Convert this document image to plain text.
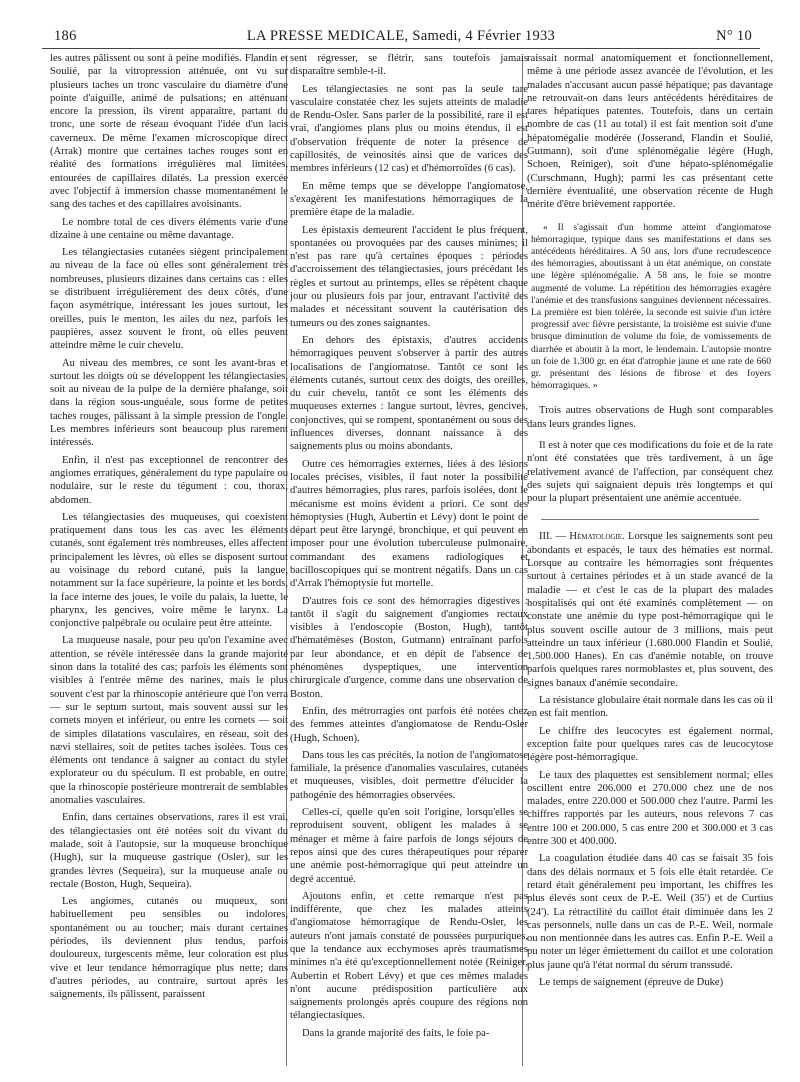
186	LA PRESSE MEDICALE, Samedi, 4 Février 1933	N° 10

les autres pâlissent ou sont à peine modifiés. Flandin et Soulié, par la vitropression atténuée, ont vu sur plusieurs taches un tronc vasculaire du diamètre d'une pointe d'aiguille, animé de pulsations; en atténuant encore la pression, ils virent apparaître, partant du tronc, une sorte de réseau évoquant l'idée d'un lacis caverneux. De même l'examen microscopique direct (Arrak) montre que certaines taches rouges sont en réalité des formations irrégulières mal limitées, entourées de capillaires dilatés. La pression exercée avec l'objectif à immersion chasse momentanément le sang des taches et des capillaires avoisinants.

Le nombre total de ces divers éléments varie d'une dizaine à une centaine ou même davantage.

Les télangiectasies cutanées siègent principalement au niveau de la face où elles sont généralement très nombreuses, plusieurs dizaines dans certains cas : elles se distribuent irrégulièrement des deux côtés, d'une façon asymétrique, intéressant les joues surtout, les oreilles, puis le menton, les ailes du nez, parfois les paupières, assez souvent le front, où elles peuvent atteindre même le cuir chevelu.

Au niveau des membres, ce sont les avant-bras et surtout les doigts où se développent les télangiectasies, soit au niveau de la pulpe de la dernière phalange, soit dans la région sous-unguéale, sous forme de petites taches rouges, pâlissant à la simple pression de l'ongle. Les membres inférieurs sont beaucoup plus rarement intéressés.

Enfin, il n'est pas exceptionnel de rencontrer des angiomes erratiques, généralement du type papulaire ou nodulaire, sur le reste du tégument : cou, thorax, abdomen.

Les télangiectasies des muqueuses, qui coexistent pratiquement dans tous les cas avec les éléments cutanés, sont également très nombreuses, elles affectent principalement les lèvres, où elles se disposent surtout au voisinage du rebord cutané, puis la langue, notamment sur la face supérieure, la pointe et les bords, la face interne des joues, le voile du palais, la luette, le pharynx, les gencives, voire même le larynx. La conjonctive palpébrale ou oculaire peut être atteinte.

La muqueuse nasale, pour peu qu'on l'examine avec attention, se révèle intéressée dans la grande majorité sinon dans la totalité des cas; parfois les éléments sont visibles à l'entrée même des narines, mais le plus souvent c'est par la rhinoscopie antérieure que l'on verra — sur le septum surtout, mais souvent aussi sur les cornets moyen et inférieur, ou entre les cornets — soit de simples dilatations vasculaires, en réseau, soit des nævi stellaires, soit de petites taches isolées. Tous ces éléments ont tendance à saigner au contact du stylet explorateur ou du spéculum. Il est probable, en outre, que la rhinoscopie postérieure montrerait de semblables anomalies vasculaires.

Enfin, dans certaines observations, rares il est vrai, des télangiectasies ont été notées soit du vivant du malade, soit à l'autopsie, sur la muqueuse bronchique (Hugh), sur la muqueuse gastrique (Osler), sur les grandes lèvres (Sequeira), sur la muqueuse anale ou rectale (Boston, Hugh, Sequeira).

Les angiomes, cutanés ou muqueux, sont habituellement peu sensibles ou indolores, spontanément ou au toucher; mais durant certaines périodes, ils deviennent plus tendus, parfois douloureux, turgescents même, leur coloration est plus vive et leur tendance hémorragique plus nette; dans d'autres périodes, au contraire, surtout après les saignements, ils pâlissent, paraissent

sent régresser, se flétrir, sans toutefois jamais disparaître semble-t-il.

Les télangiectasies ne sont pas la seule tare vasculaire constatée chez les sujets atteints de maladie de Rendu-Osler. Sans parler de la possibilité, rare il est vrai, d'angiomes plans plus ou moins étendus, il est d'observation fréquente de noter la présence de capillosités, de veinosités ainsi que de varices des membres inférieurs (12 cas) et d'hémorroïdes (6 cas).

En même temps que se développe l'angiomatose, s'exagèrent les manifestations hémorragiques de la première étape de la maladie.

Les épistaxis demeurent l'accident le plus fréquent, spontanées ou provoquées par des causes minimes; il n'est pas rare qu'à certaines époques : périodes d'accroissement des télangiectasies, jours précédant les règles et surtout au printemps, elles se répètent chaque jour ou plusieurs fois par jour, entravant l'activité des malades et nécessitant souvent la cautérisation des tumeurs ou des zones saignantes.

En dehors des épistaxis, d'autres accidents hémorragiques peuvent s'observer à partir des autres localisations de l'angiomatose. Tantôt ce sont les éléments cutanés, surtout ceux des doigts, des oreilles, du cuir chevelu, tantôt ce sont les éléments des muqueuses externes : langue surtout, lèvres, gencives, conjonctives, qui se rompent, spontanément ou sous des influences diverses, donnant naissance à des saignements plus ou moins abondants.

Outre ces hémorragies externes, liées à des lésions locales précises, visibles, il faut noter la possibilité d'autres hémorragies, plus rares, parfois isolées, dont le mécanisme est moins évident a priori. Ce sont des hémoptysies (Hugh, Aubertin et Lévy) dont le point de départ peut être laryngé, bronchique, et qui peuvent en imposer pour une évolution tuberculeuse pulmonaire, commandant des examens radiologiques et bacilloscopiques qui se montrent négatifs. Dans un cas d'Arrak l'hémoptysie fut mortelle.

D'autres fois ce sont des hémorragies digestives : tantôt il s'agit du saignement d'angiomes rectaux visibles à l'endoscopie (Boston, Hugh), tantôt d'hématémèses (Boston, Gutmann) entraînant parfois par leur abondance, et en dépit de l'absence de phénomènes dyspeptiques, une intervention chirurgicale d'urgence, comme dans une observation de Boston.

Enfin, des métrorragies ont parfois été notées chez des femmes atteintes d'angiomatose de Rendu-Osler (Hugh, Schoen).

Dans tous les cas précités, la notion de l'angiomatose familiale, la présence d'anomalies vasculaires, cutanées et muqueuses, visibles, doit permettre d'élucider la pathogénie des hémorragies observées.

Celles-ci, quelle qu'en soit l'origine, lorsqu'elles se reproduisent souvent, obligent les malades à se ménager et même à faire parfois de longs séjours de repos ainsi que des cures thérapeutiques pour réparer une anémie post-hémorragique qui peut atteindre un degré accentué.

Ajoutons enfin, et cette remarque n'est pas indifférente, que chez les malades atteints d'angiomatose hémorragique de Rendu-Osler, les auteurs n'ont jamais constaté de poussées purpuriques, que la tendance aux ecchymoses après traumatismes minimes n'a été qu'exceptionnellement notée (Reiniger, Aubertin et Robert Lévy) et que ces mêmes malades n'ont aucune prédisposition particulière aux saignements prolongés après coupure des régions non télangiectasiques.

Dans la grande majorité des faits, le foie pa-

raissait normal anatomiquement et fonctionnellement, même à une période assez avancée de l'évolution, et les malades n'accusant aucun passé hépatique; pas davantage ne retrouvait-on dans leurs antécédents héréditaires de tares hépatiques patentes. Toutefois, dans un certain nombre de cas (11 au total) il est fait mention soit d'une hépatomégalie modérée (Josserand, Flandin et Soulié, Gutmann), soit d'une splénomégalie légère (Hugh, Schoen, Reiniger), soit d'une hépato-splénomégalie (Curschmann, Hugh); parmi les cas présentant cette dernière éventualité, une observation récente de Hugh mérite d'être brièvement rapportée.

« Il s'agissait d'un homme atteint d'angiomatose hémorragique, typique dans ses manifestations et dans ses antécédents héréditaires. A 50 ans, lors d'une recrudescence des hémorragies, aboutissant à un état anémique, on constate une légère splénomégalie. A 58 ans, le foie se montre augmenté de volume. La répétition des hémorragies exagère l'anémie et des transfusions sanguines deviennent nécessaires. La première est bien tolérée, la seconde est suivie d'un ictère progressif avec fièvre persistante, la troisième est suivie d'une brusque diminution de volume du foie, de vomissements de diarrhée et aboutit à la mort, le lendemain. L'autopsie montre un foie de 1.300 gr. en état d'atrophie jaune et une rate de 660 gr. présentant des lésions de fibrose et des foyers hémorragiques. »

Trois autres observations de Hugh sont comparables dans leurs grandes lignes.

Il est à noter que ces modifications du foie et de la rate n'ont été constatées que très tardivement, à un âge relativement avancé de l'affection, par conséquent chez des sujets qui saignaient depuis très longtemps et qui pour la plupart présentaient une anémie accentuée.

III. — Hématologie. Lorsque les saignements sont peu abondants et espacés, le taux des hématies est normal. Lorsque au contraire les hémorragies sont fréquentes surtout à certaines périodes et à un stade avancé de la maladie — et c'est le cas de la plupart des malades hospitalisés qui ont été examinés complètement — on constate une anémie du type post-hémorragique qui le plus souvent oscille autour de 3 millions, mais peut atteindre un taux inférieur (1.680.000 Flandin et Soulié, 1.500.000 Hanes). En cas d'anémie notable, on trouve parfois quelques rares normoblastes et, plus souvent, des signes banaux d'anémie secondaire.

La résistance globulaire était normale dans les cas où il en est fait mention.

Le chiffre des leucocytes est également normal, exception faite pour quelques rares cas de leucocytose légère post-hémorragique.

Le taux des plaquettes est sensiblement normal; elles oscillent entre 206.000 et 270.000 chez une de nos malades, entre 220.000 et 500.000 chez l'autre. Parmi les chiffres rapportés par les auteurs, nous relevons 7 cas entre 100 et 200.000, 5 cas entre 200 et 300.000 et 3 cas entre 300 et 400.000.

La coagulation étudiée dans 40 cas se faisait 35 fois dans des délais normaux et 5 fois elle était retardée. Ce retard était généralement peu important, les chiffres les plus élevés sont ceux de P.-E. Weil (35') et de Curtius (24'). La rétractilité du caillot était diminuée dans les 2 cas personnels, nulle dans un cas de P.-E. Weil, normale ou non mentionnée dans les autres cas. Enfin P.-E. Weil a pu noter un léger émiettement du caillot et une coloration plus jaune qu'à l'état normal du sérum transsudé.

Le temps de saignement (épreuve de Duke)
